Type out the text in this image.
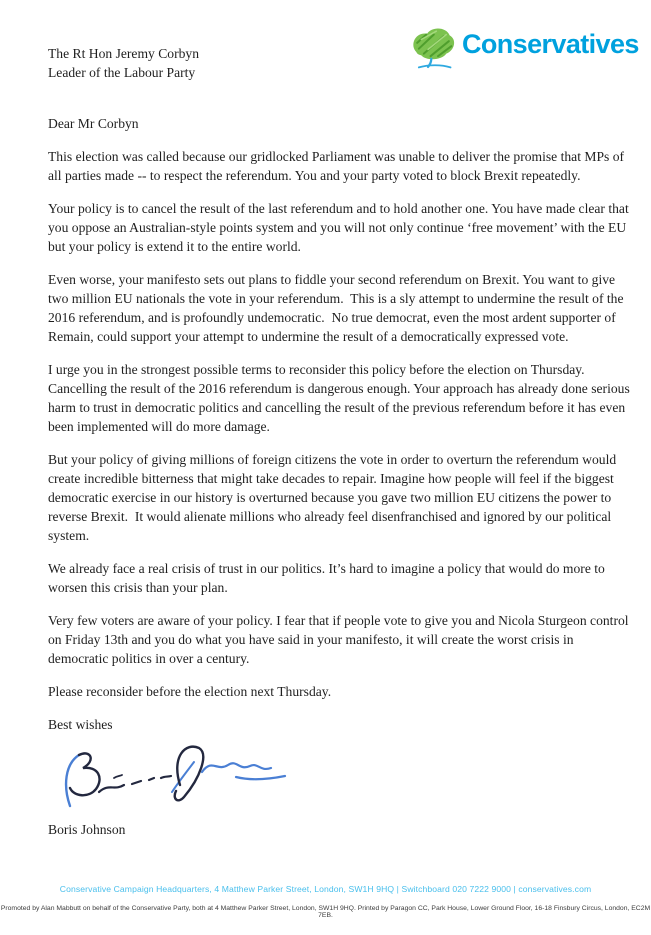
Conservatives

The Rt Hon Jeremy Corbyn

Leader of the Labour Party

Dear Mr Corbyn

This election was called because our gridlocked Parliament was unable to deliver the promise that MPs of all parties made -- to respect the referendum. You and your party voted to block Brexit repeatedly.

Your policy is to cancel the result of the last referendum and to hold another one. You have made clear that you oppose an Australian-style points system and you will not only continue ‘free movement’ with the EU but your policy is extend it to the entire world.

Even worse, your manifesto sets out plans to fiddle your second referendum on Brexit. You want to give two million EU nationals the vote in your referendum.  This is a sly attempt to undermine the result of the 2016 referendum, and is profoundly undemocratic.  No true democrat, even the most ardent supporter of Remain, could support your attempt to undermine the result of a democratically expressed vote.

I urge you in the strongest possible terms to reconsider this policy before the election on Thursday. Cancelling the result of the 2016 referendum is dangerous enough. Your approach has already done serious harm to trust in democratic politics and cancelling the result of the previous referendum before it has even been implemented will do more damage.

But your policy of giving millions of foreign citizens the vote in order to overturn the referendum would create incredible bitterness that might take decades to repair. Imagine how people will feel if the biggest democratic exercise in our history is overturned because you gave two million EU citizens the power to reverse Brexit.  It would alienate millions who already feel disenfranchised and ignored by our political system.

We already face a real crisis of trust in our politics. It’s hard to imagine a policy that would do more to worsen this crisis than your plan.

Very few voters are aware of your policy. I fear that if people vote to give you and Nicola Sturgeon control on Friday 13th and you do what you have said in your manifesto, it will create the worst crisis in democratic politics in over a century.

Please reconsider before the election next Thursday.

Best wishes

Boris Johnson

Conservative Campaign Headquarters, 4 Matthew Parker Street, London, SW1H 9HQ | Switchboard 020 7222 9000 | conservatives.com
Promoted by Alan Mabbutt on behalf of the Conservative Party, both at 4 Matthew Parker Street, London, SW1H 9HQ. Printed by Paragon CC, Park House, Lower Ground Floor, 16-18 Finsbury Circus, London, EC2M 7EB.
